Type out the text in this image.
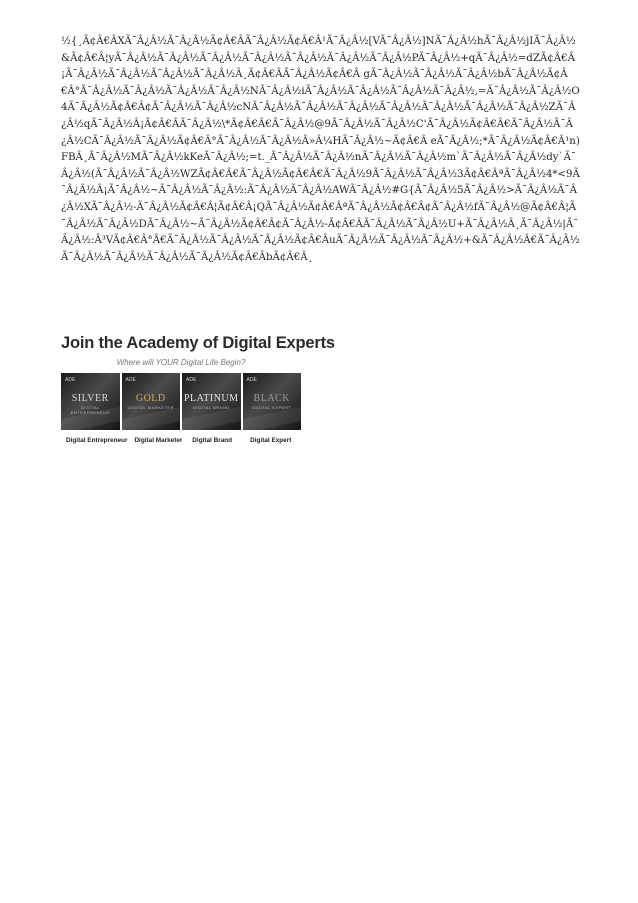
½{¸Ã¢Â€ÂXÃ¯Â¿Â½Ã¯Â¿Â½Ã¢Â€ÂÃ¯Â¿Â½Ã¢Â€Â¹Ã¯Â¿Â½[VÃ¯Â¿Â½]NÃ¯Â¿Â½hÃ¯Â¿Â½jIÃ¯Â¿Â½&Ã¢Â€Â¦yÃ¯Â¿Â½Ã¯Â¿Â½Ã¯Â¿Â½Ã¯Â¿Â½Ã¯Â¿Â½Ã¯Â¿Â½Ã¯Â¿Â½PÃ¯Â¿Â½+qÃ¯Â¿Â½=dZÃ¢Â€Â¡Ã¯Â¿Â½Ã¯Â¿Â½Ã¯Â¿Â½Ã¯Â¿Â½Â¸Ã¢Â€ÂÃ¯Â¿Â½Ã¢Â€Â gÃ¯Â¿Â½Ã¯Â¿Â½Ã¯Â¿Â½bÃ¯Â¿Â½Ã¢Â€Â°Ã¯Â¿Â½Ã¯Â¿Â½Ã¯Â¿Â½Ã¯Â¿Â½NÃ¯Â¿Â½iÃ¯Â¿Â½Ã¯Â¿Â½Ã¯Â¿Â½Ã¯Â¿Â½,=Ã¯Â¿Â½Ã¯Â¿Â½O4Ã¯Â¿Â½Ã¢Â€Â¢Ã¯Â¿Â½Ã¯Â¿Â½cNÃ¯Â¿Â½Ã¯Â¿Â½Ã¯Â¿Â½Ã¯Â¿Â½Ã¯Â¿Â½Ã¯Â¿Â½Ã¯Â¿Â½ZÃ¯Â¿Â½qÃ¯Â¿Â½Â¡Ã¢Â€ÂÃ¯Â¿Â½\*Ã¢Â€Â€Ã¯Â¿Â½@9Ã¯Â¿Â½Ã¯Â¿Â½C'Ã¯Â¿Â½Ã¢Â€Â€Ã¯Â¿Â½Ã¯Â¿Â½CÃ¯Â¿Â½Ã¯Â¿Â½Ã¢Â€Â°Ã¯Â¿Â½Ã¯Â¿Â½Â»Â¼HÃ¯Â¿Â½~Ã¢Â€Â eÃ¯Â¿Â½;*Ã¯Â¿Â½Ã¢Â€Â¹n)FBÂ¸Ã¯Â¿Â½MÃ¯Â¿Â½kKeÃ¯Â¿Â½;=t._Ã¯Â¿Â½Ã¯Â¿Â½nÃ¯Â¿Â½Ã¯Â¿Â½m`Ã¯Â¿Â½Ã¯Â¿Â½dy`Ã¯Â¿Â½(Ã¯Â¿Â½Ã¯Â¿Â½WZÃ¢Â€Â€Ã¯Â¿Â½Ã¢Â€Â€Ã¯Â¿Â½9Ã¯Â¿Â½Ã¯Â¿Â½3Ã¢Â€ÂªÃ¯Â¿Â½4*<9Ã¯Â¿Â½Â¡Ã¯Â¿Â½~Ã¯Â¿Â½Ã¯Â¿Â½:Ã¯Â¿Â½Ã¯Â¿Â½AWÃ¯Â¿Â½#G{Ã¯Â¿Â½5Ã¯Â¿Â½>Ã¯Â¿Â½Ã¯Â¿Â½XÃ¯Â¿Â½-Ã¯Â¿Â½Ã¢Â€Â¦Ã¢Â€Â¡QÃ¯Â¿Â½Ã¢Â€ÂªÃ¯Â¿Â½Ã¢Â€Â¢Ã¯Â¿Â½fÃ¯Â¿Â½@Ã¢Â€Â¦Ã¯Â¿Â½Ã¯Â¿Â½DÃ¯Â¿Â½~Ã¯Â¿Â½Ã¢Â€Â¢Ã¯Â¿Â½-Ã¢Â€ÂÃ¯Â¿Â½Ã¯Â¿Â½U+Ã¯Â¿Â½Â¸Ã¯Â¿Â½|Ã¯Â¿Â½:Â³VÃ¢Â€Â°Â€Ã¯Â¿Â½Ã¯Â¿Â½Ã¯Â¿Â½Ã¢Â€ÂuÃ¯Â¿Â½Ã¯Â¿Â½Ã¯Â¿Â½+&Ã¯Â¿Â½Â€Ã¯Â¿Â½Ã¯Â¿Â½Ã¯Â¿Â½Ã¯Â¿Â½Ã¯Â¿Â½Ã¢Â€ÂbÃ¢Â€Â¸
Join the Academy of Digital Experts
Where will YOUR Digital Life Begin?
ADE
SILVER
DIGITAL ENTREPRENEUR
ADE
GOLD
DIGITAL MARKETER
ADE
PLATINUM
DIGITAL BRAND
ADE
BLACK
DIGITAL EXPERT
Digital Entrepreneur	Digital Marketer	Digital Brand	Digital Expert
